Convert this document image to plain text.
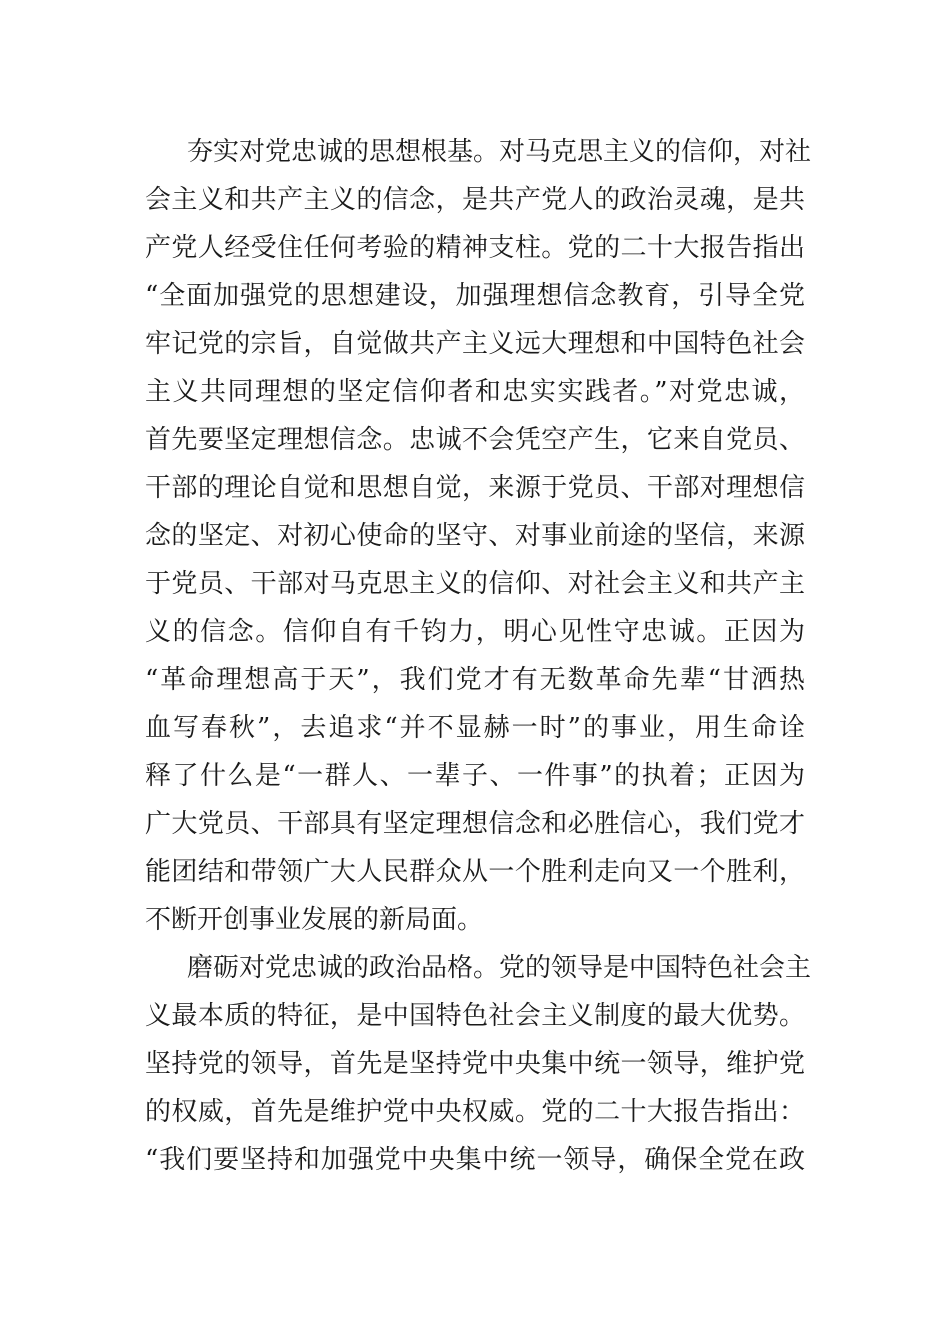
夯实对党忠诚的思想根基。对马克思主义的信仰，对社
会主义和共产主义的信念，是共产党人的政治灵魂，是共
产党人经受住任何考验的精神支柱。党的二十大报告指出
“全面加强党的思想建设，加强理想信念教育，引导全党
牢记党的宗旨，自觉做共产主义远大理想和中国特色社会
主义共同理想的坚定信仰者和忠实实践者。”对党忠诚，
首先要坚定理想信念。忠诚不会凭空产生，它来自党员、
干部的理论自觉和思想自觉，来源于党员、干部对理想信
念的坚定、对初心使命的坚守、对事业前途的坚信，来源
于党员、干部对马克思主义的信仰、对社会主义和共产主
义的信念。信仰自有千钧力，明心见性守忠诚。正因为
“革命理想高于天”，我们党才有无数革命先辈“甘洒热
血写春秋”，去追求“并不显赫一时”的事业，用生命诠
释了什么是“一群人、一辈子、一件事”的执着；正因为
广大党员、干部具有坚定理想信念和必胜信心，我们党才
能团结和带领广大人民群众从一个胜利走向又一个胜利，
不断开创事业发展的新局面。
磨砺对党忠诚的政治品格。党的领导是中国特色社会主
义最本质的特征，是中国特色社会主义制度的最大优势。
坚持党的领导，首先是坚持党中央集中统一领导，维护党
的权威，首先是维护党中央权威。党的二十大报告指出：
“我们要坚持和加强党中央集中统一领导，确保全党在政
